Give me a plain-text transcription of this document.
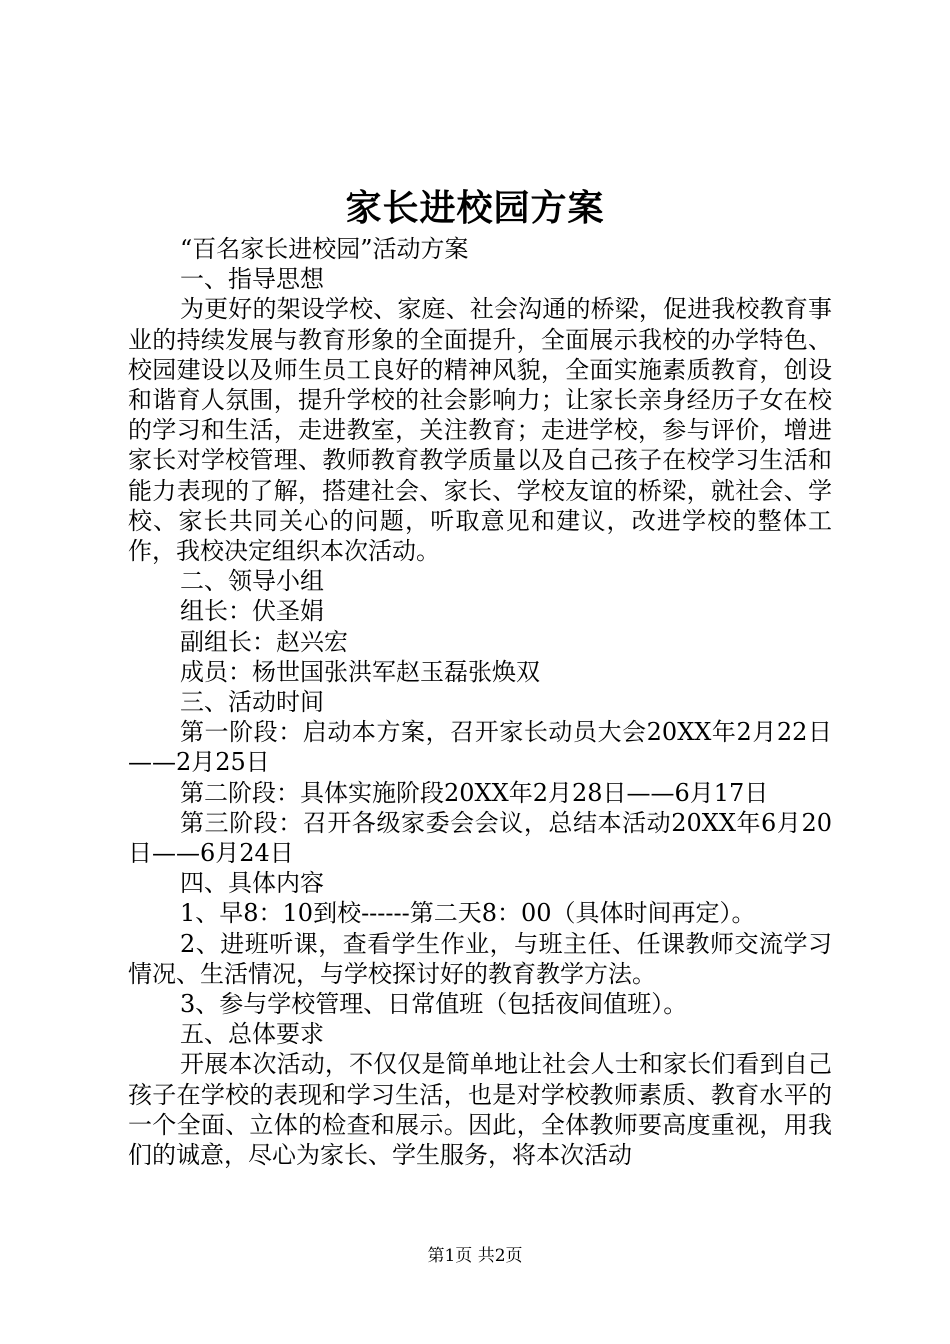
家长进校园方案

“百名家长进校园”活动方案

一、指导思想

为更好的架设学校、家庭、社会沟通的桥梁，促进我校教育事业的持续发展与教育形象的全面提升，全面展示我校的办学特色、校园建设以及师生员工良好的精神风貌，全面实施素质教育，创设和谐育人氛围，提升学校的社会影响力；让家长亲身经历子女在校的学习和生活，走进教室，关注教育；走进学校，参与评价，增进家长对学校管理、教师教育教学质量以及自己孩子在校学习生活和能力表现的了解，搭建社会、家长、学校友谊的桥梁，就社会、学校、家长共同关心的问题，听取意见和建议，改进学校的整体工作，我校决定组织本次活动。

二、领导小组

组长：伏圣娟

副组长：赵兴宏

成员：杨世国张洪军赵玉磊张焕双

三、活动时间

第一阶段：启动本方案，召开家长动员大会20XX年2月22日——2月25日

第二阶段：具体实施阶段20XX年2月28日——6月17日

第三阶段：召开各级家委会会议，总结本活动20XX年6月20日——6月24日

四、具体内容

1、早8：10到校------第二天8：00（具体时间再定）。

2、进班听课，查看学生作业，与班主任、任课教师交流学习情况、生活情况，与学校探讨好的教育教学方法。

3、参与学校管理、日常值班（包括夜间值班）。

五、总体要求

开展本次活动，不仅仅是简单地让社会人士和家长们看到自己孩子在学校的表现和学习生活，也是对学校教师素质、教育水平的一个全面、立体的检查和展示。因此，全体教师要高度重视，用我们的诚意，尽心为家长、学生服务，将本次活动

第1页 共2页
